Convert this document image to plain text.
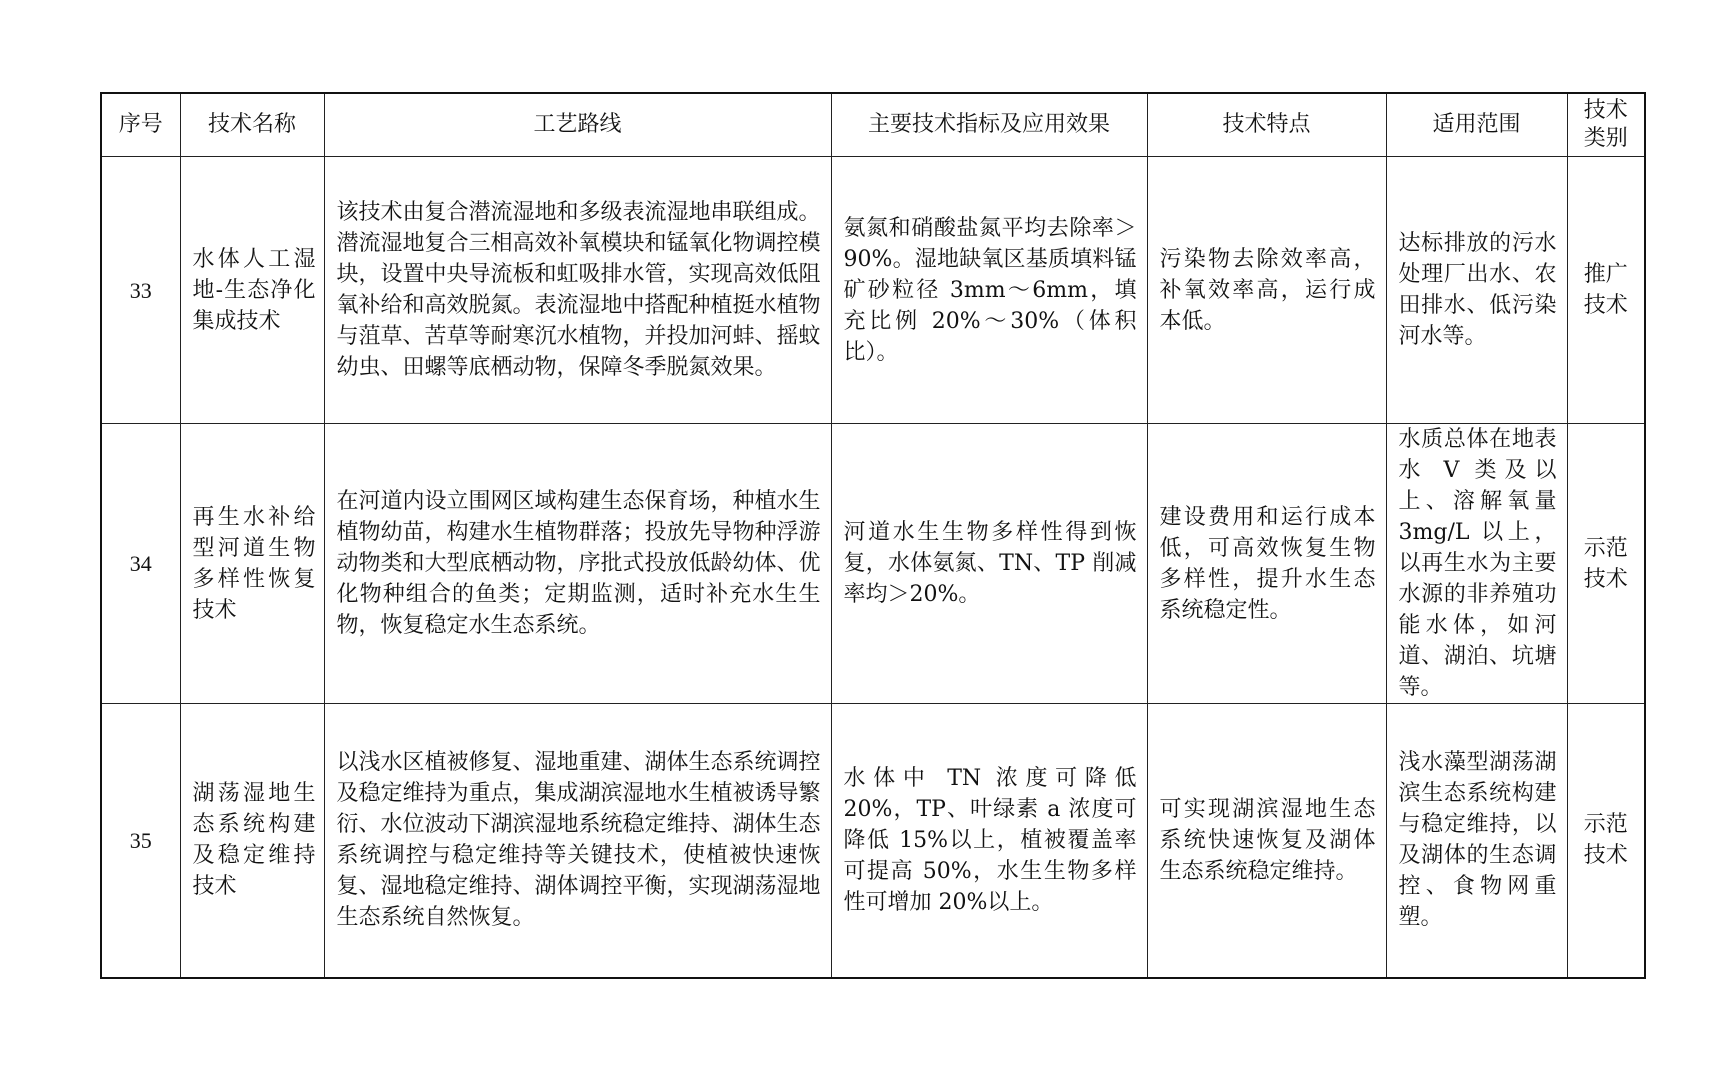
序号	技术名称	工艺路线	主要技术指标及应用效果	技术特点	适用范围	技术类别

33	水体人工湿地-生态净化集成技术	该技术由复合潜流湿地和多级表流湿地串联组成。潜流湿地复合三相高效补氧模块和锰氧化物调控模块，设置中央导流板和虹吸排水管，实现高效低阻氧补给和高效脱氮。表流湿地中搭配种植挺水植物与菹草、苦草等耐寒沉水植物，并投加河蚌、摇蚊幼虫、田螺等底栖动物，保障冬季脱氮效果。	氨氮和硝酸盐氮平均去除率＞90%。湿地缺氧区基质填料锰矿砂粒径 3mm～6mm，填充比例 20%～30%（体积比）。	污染物去除效率高，补氧效率高，运行成本低。	达标排放的污水处理厂出水、农田排水、低污染河水等。	推广技术

34	再生水补给型河道生物多样性恢复技术	在河道内设立围网区域构建生态保育场，种植水生植物幼苗，构建水生植物群落；投放先导物种浮游动物类和大型底栖动物，序批式投放低龄幼体、优化物种组合的鱼类；定期监测，适时补充水生生物，恢复稳定水生态系统。	河道水生生物多样性得到恢复，水体氨氮、TN、TP 削减率均＞20%。	建设费用和运行成本低，可高效恢复生物多样性，提升水生态系统稳定性。	水质总体在地表水 V 类及以上、溶解氧量 3mg/L 以上，以再生水为主要水源的非养殖功能水体，如河道、湖泊、坑塘等。	示范技术

35	湖荡湿地生态系统构建及稳定维持技术	以浅水区植被修复、湿地重建、湖体生态系统调控及稳定维持为重点，集成湖滨湿地水生植被诱导繁衍、水位波动下湖滨湿地系统稳定维持、湖体生态系统调控与稳定维持等关键技术，使植被快速恢复、湿地稳定维持、湖体调控平衡，实现湖荡湿地生态系统自然恢复。	水体中 TN 浓度可降低 20%，TP、叶绿素 a 浓度可降低 15%以上，植被覆盖率可提高 50%，水生生物多样性可增加 20%以上。	可实现湖滨湿地生态系统快速恢复及湖体生态系统稳定维持。	浅水藻型湖荡湖滨生态系统构建与稳定维持，以及湖体的生态调控、食物网重塑。	示范技术
